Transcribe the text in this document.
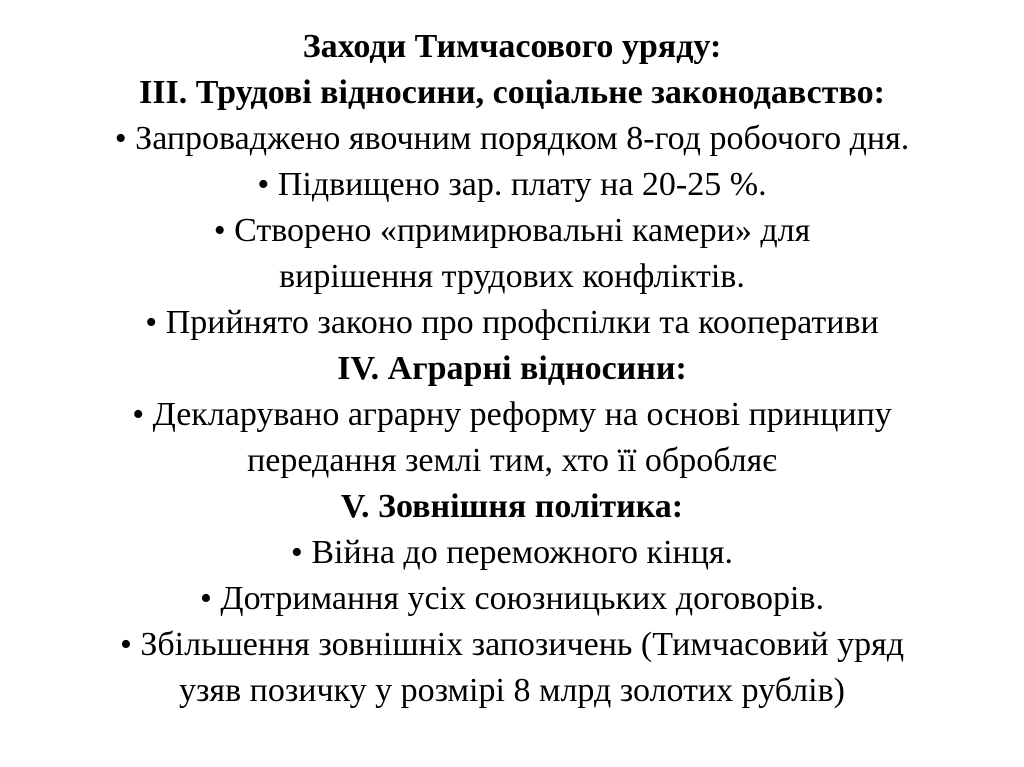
Заходи Тимчасового уряду:
ІІІ. Трудові відносини, соціальне законодавство:
• Запроваджено явочним порядком 8-год робочого дня.
• Підвищено зар. плату на 20-25 %.
• Створено «примирювальні камери» для
вирішення трудових конфліктів.
• Прийнято законо про профспілки та кооперативи
IV. Аграрні відносини:
• Декларувано аграрну реформу на основі принципу
передання землі тим, хто її обробляє
V. Зовнішня політика:
• Війна до переможного кінця.
• Дотримання усіх союзницьких договорів.
• Збільшення зовнішніх запозичень (Тимчасовий уряд
узяв позичку у розмірі 8 млрд золотих рублів)
